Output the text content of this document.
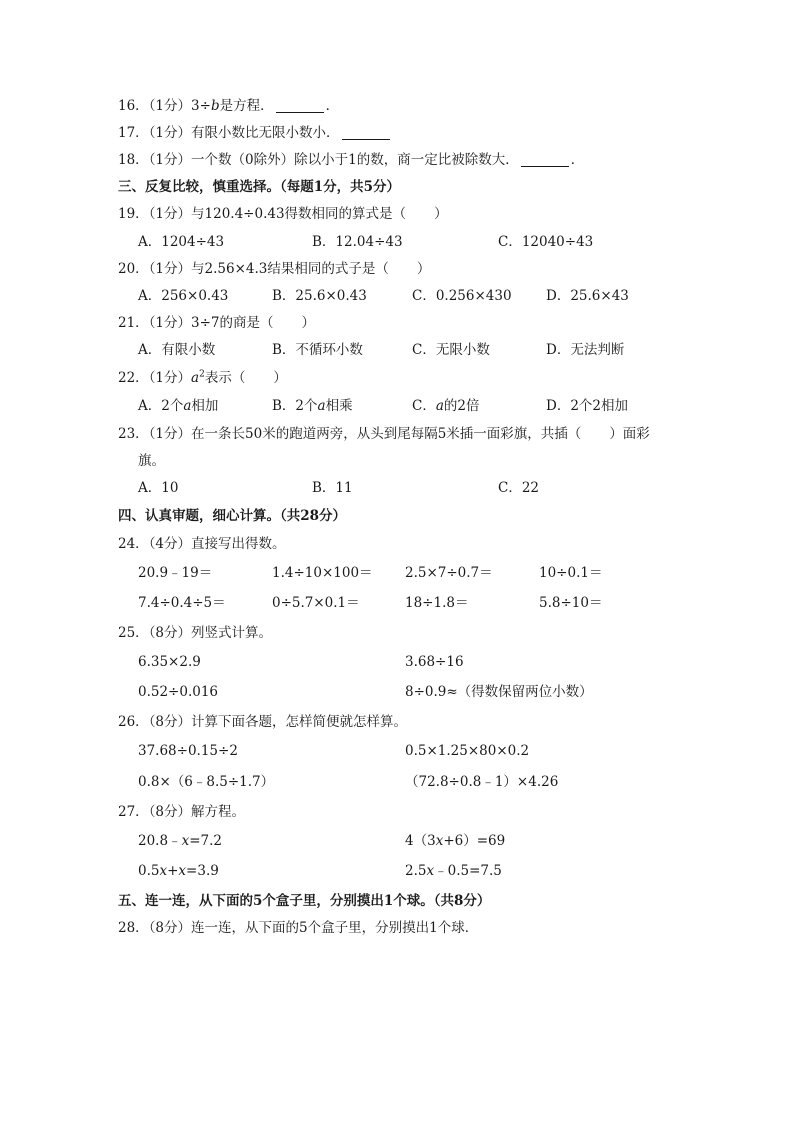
16．（1分）3÷b是方程．	．
17．（1分）有限小数比无限小数小．
18．（1分）一个数（0除外）除以小于1的数，商一定比被除数大．	．
三、反复比较，慎重选择。（每题1分，共5分）
19．（1分）与120.4÷0.43得数相同的算式是（ ）
A．1204÷43	B．12.04÷43	C．12040÷43
20．（1分）与2.56×4.3结果相同的式子是（ ）
A．256×0.43	B．25.6×0.43	C．0.256×430	D．25.6×43
21．（1分）3÷7的商是（ ）
A．有限小数	B．不循环小数	C．无限小数	D．无法判断
22．（1分）$a^2$表示（ ）
A．2个a相加	B．2个a相乘	C．a的2倍	D．2个2相加
23．（1分）在一条长50米的跑道两旁，从头到尾每隔5米插一面彩旗，共插（ ）面彩
旗。
A．10	B．11	C．22
四、认真审题，细心计算。（共28分）
24．（4分）直接写出得数。
20.9﹣19＝	1.4÷10×100＝ 2.5×7÷0.7＝	10÷0.1＝
7.4÷0.4÷5＝	0÷5.7×0.1＝	18÷1.8＝	5.8÷10＝
25．（8分）列竖式计算。
6.35×2.9	3.68÷16
0.52÷0.016	8÷0.9≈（得数保留两位小数）
26．（8分）计算下面各题，怎样简便就怎样算。
37.68÷0.15÷2	0.5×1.25×80×0.2
0.8×（6﹣8.5÷1.7）	（72.8÷0.8﹣1）×4.26
27．（8分）解方程。
20.8﹣x=7.2	4（3x+6）=69
0.5x+x=3.9	2.5x﹣0.5=7.5
五、连一连，从下面的5个盒子里，分别摸出1个球。（共8分）
28．（8分）连一连，从下面的5个盒子里，分别摸出1个球．
